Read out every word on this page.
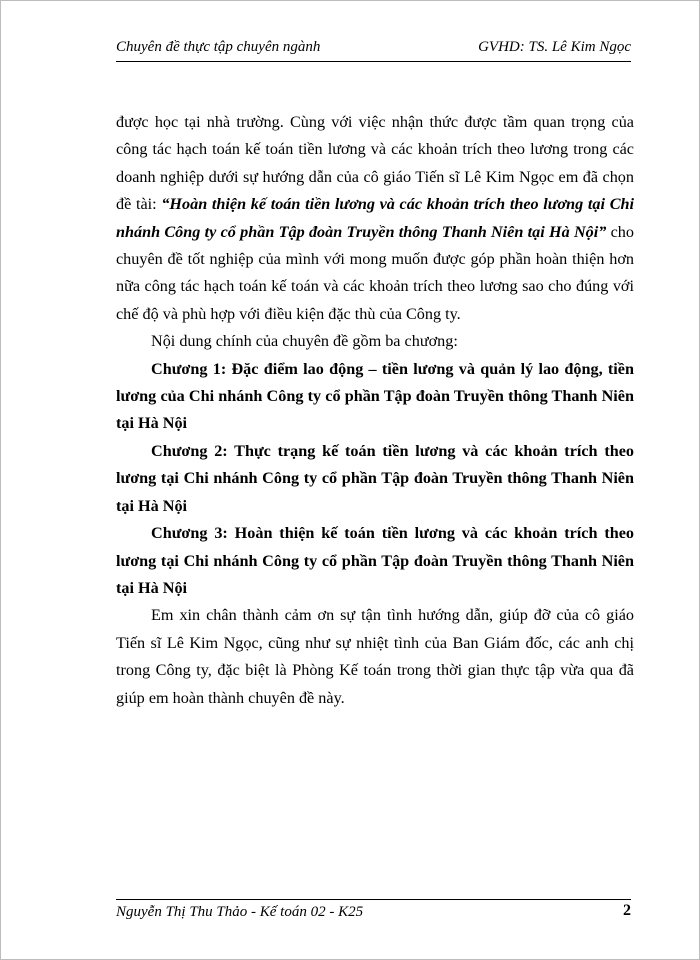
Chuyên đề thực tập chuyên ngành	GVHD: TS. Lê Kim Ngọc

được học tại nhà trường. Cùng với việc nhận thức được tầm quan trọng của công tác hạch toán kế toán tiền lương và các khoản trích theo lương trong các doanh nghiệp dưới sự hướng dẫn của cô giáo Tiến sĩ Lê Kim Ngọc em đã chọn đề tài: “Hoàn thiện kế toán tiền lương và các khoản trích theo lương tại Chi nhánh Công ty cổ phần Tập đoàn Truyền thông Thanh Niên tại Hà Nội” cho chuyên đề tốt nghiệp của mình với mong muốn được góp phần hoàn thiện hơn nữa công tác hạch toán kế toán và các khoản trích theo lương sao cho đúng với chế độ và phù hợp với điều kiện đặc thù của Công ty.

Nội dung chính của chuyên đề gồm ba chương:

Chương 1: Đặc điểm lao động – tiền lương và quản lý lao động, tiền lương của Chi nhánh Công ty cổ phần Tập đoàn Truyền thông Thanh Niên tại Hà Nội

Chương 2: Thực trạng kế toán tiền lương và các khoản trích theo lương tại Chi nhánh Công ty cổ phần Tập đoàn Truyền thông Thanh Niên tại Hà Nội

Chương 3: Hoàn thiện kế toán tiền lương và các khoản trích theo lương tại Chi nhánh Công ty cổ phần Tập đoàn Truyền thông Thanh Niên tại Hà Nội

Em xin chân thành cảm ơn sự tận tình hướng dẫn, giúp đỡ của cô giáo Tiến sĩ Lê Kim Ngọc, cũng như sự nhiệt tình của Ban Giám đốc, các anh chị trong Công ty, đặc biệt là Phòng Kế toán trong thời gian thực tập vừa qua đã giúp em hoàn thành chuyên đề này.

Nguyễn Thị Thu Thảo - Kế toán 02 - K25	2
